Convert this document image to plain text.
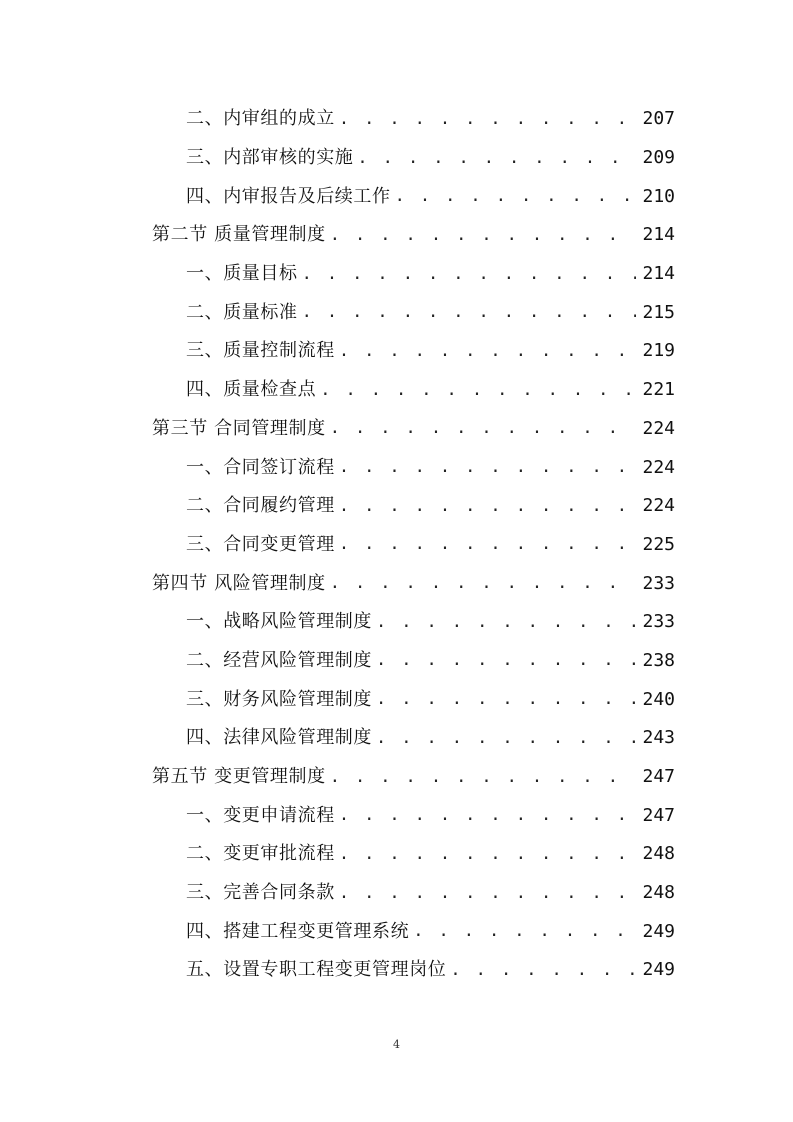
二、内审组的成立 . . .	207
三、内部审核的实施 . . .	209
四、内审报告及后续工作 . . .	210
第二节 质量管理制度 . . .	214
一、质量目标 . . .	214
二、质量标准 . . .	215
三、质量控制流程 . . .	219
四、质量检查点 . . .	221
第三节 合同管理制度 . . .	224
一、合同签订流程 . . .	224
二、合同履约管理 . . .	224
三、合同变更管理 . . .	225
第四节 风险管理制度 . . .	233
一、战略风险管理制度 . . .	233
二、经营风险管理制度 . . .	238
三、财务风险管理制度 . . .	240
四、法律风险管理制度 . . .	243
第五节 变更管理制度 . . .	247
一、变更申请流程 . . .	247
二、变更审批流程 . . .	248
三、完善合同条款 . . .	248
四、搭建工程变更管理系统 . . .	249
五、设置专职工程变更管理岗位 . . .	249
4
